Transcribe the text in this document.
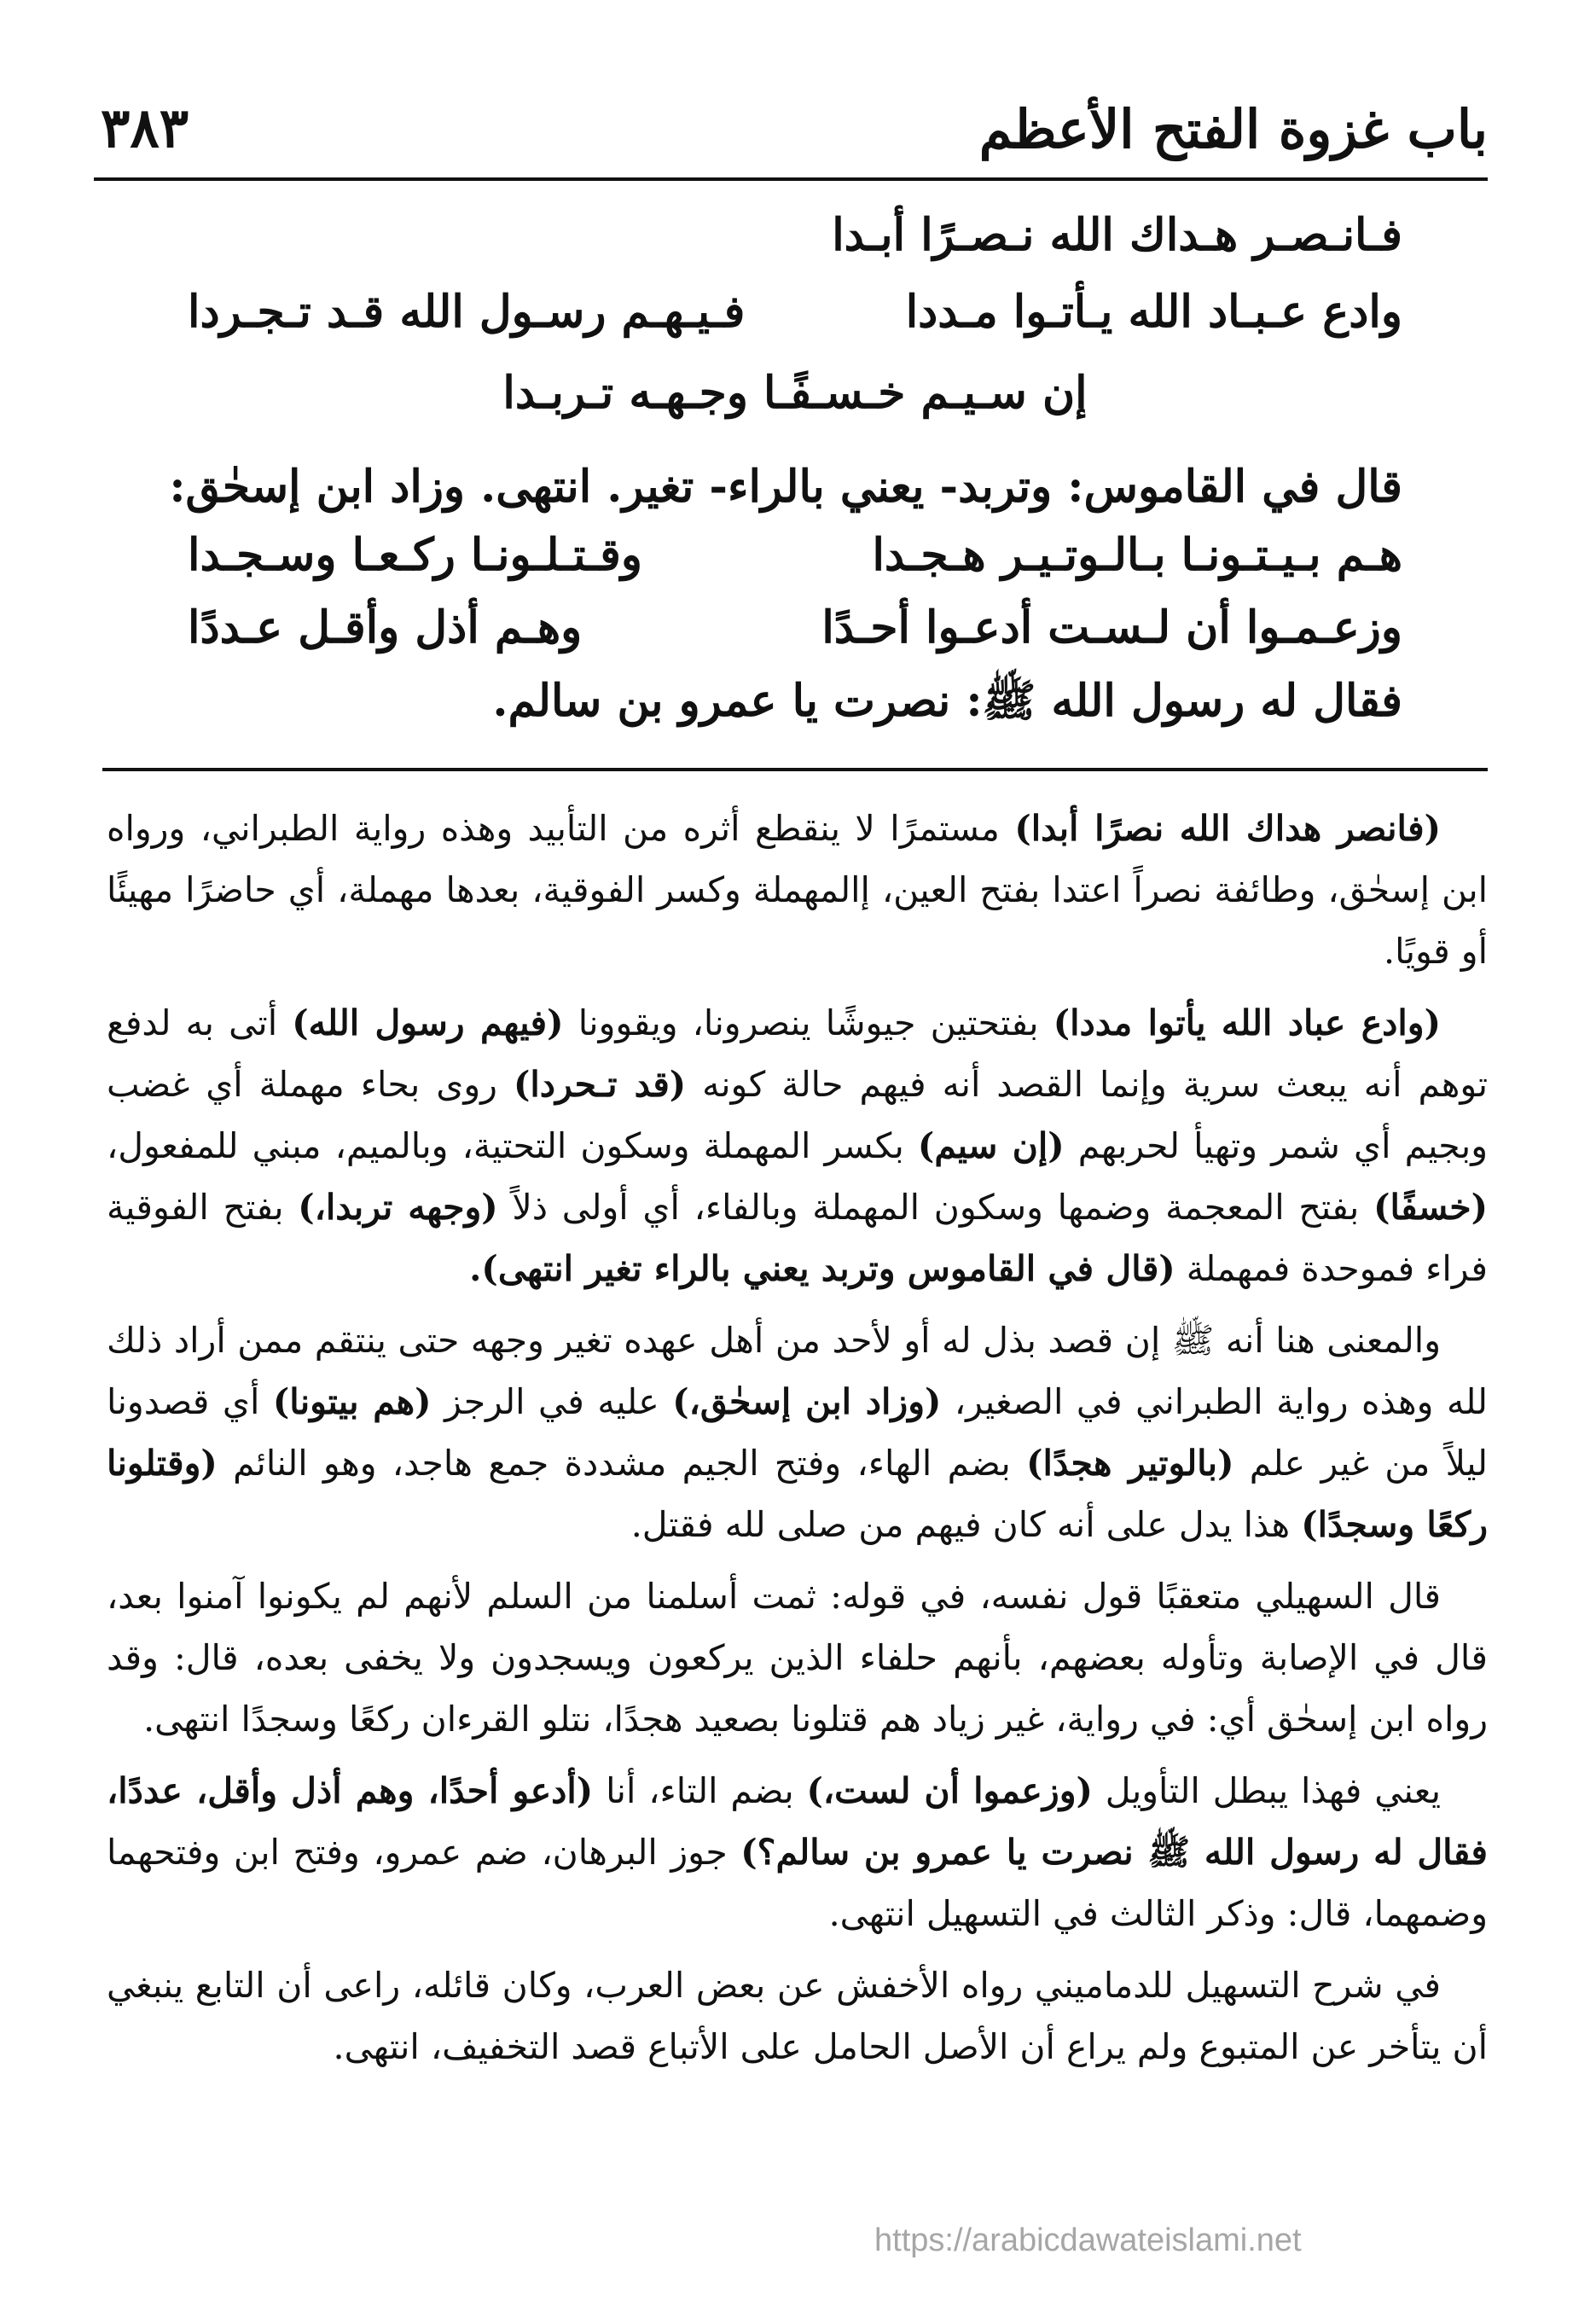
باب غزوة الفتح الأعظم
٣٨٣
فـانـصـر هـداك الله نـصـرًا أبـدا
وادع عـبـاد الله يـأتـوا مـددا
فـيـهـم رسـول الله قـد تـجـردا
إن سـيـم خـسـفًـا وجـهـه تـربـدا
قال في القاموس: وتربد- يعني بالراء- تغير. انتهى. وزاد ابن إسحٰق:
هـم بـيـتـونـا بـالـوتـيـر هـجـدا
وقـتـلـونـا ركـعـا وسـجـدا
وزعـمـوا أن لـسـت أدعـوا أحـدًا
وهـم أذل وأقـل عـددًا
فقال له رسول الله ﷺ: نصرت يا عمرو بن سالم.

(فانصر هداك الله نصرًا أبدا) مستمرًا لا ينقطع أثره من التأبيد وهذه رواية الطبراني، ورواه ابن إسحٰق، وطائفة نصراً اعتدا بفتح العين، إالمهملة وكسر الفوقية، بعدها مهملة، أي حاضرًا مهيئًا أو قويًا.

(وادع عباد الله يأتوا مددا) بفتحتين جيوشًا ينصرونا، ويقوونا (فيهم رسول الله) أتى به لدفع توهم أنه يبعث سرية وإنما القصد أنه فيهم حالة كونه (قد تـحردا) روى بحاء مهملة أي غضب وبجيم أي شمر وتهيأ لحربهم (إن سيم) بكسر المهملة وسكون التحتية، وبالميم، مبني للمفعول، (خسفًا) بفتح المعجمة وضمها وسكون المهملة وبالفاء، أي أولى ذلاً (وجهه تربدا،) بفتح الفوقية فراء فموحدة فمهملة (قال في القاموس وتربد يعني بالراء تغير انتهى).

والمعنى هنا أنه ﷺ إن قصد بذل له أو لأحد من أهل عهده تغير وجهه حتى ينتقم ممن أراد ذلك لله وهذه رواية الطبراني في الصغير، (وزاد ابن إسحٰق،) عليه في الرجز (هم بيتونا) أي قصدونا ليلاً من غير علم (بالوتير هجدًا) بضم الهاء، وفتح الجيم مشددة جمع هاجد، وهو النائم (وقتلونا ركعًا وسجدًا) هذا يدل على أنه كان فيهم من صلى لله فقتل.

قال السهيلي متعقبًا قول نفسه، في قوله: ثمت أسلمنا من السلم لأنهم لم يكونوا آمنوا بعد، قال في الإصابة وتأوله بعضهم، بأنهم حلفاء الذين يركعون ويسجدون ولا يخفى بعده، قال: وقد رواه ابن إسحٰق أي: في رواية، غير زياد هم قتلونا بصعيد هجدًا، نتلو القرءان ركعًا وسجدًا انتهى.

يعني فهذا يبطل التأويل (وزعموا أن لست،) بضم التاء، أنا (أدعو أحدًا، وهم أذل وأقل، عددًا، فقال له رسول الله ﷺ نصرت يا عمرو بن سالم؟) جوز البرهان، ضم عمرو، وفتح ابن وفتحهما وضمهما، قال: وذكر الثالث في التسهيل انتهى.

في شرح التسهيل للدماميني رواه الأخفش عن بعض العرب، وكان قائله، راعى أن التابع ينبغي أن يتأخر عن المتبوع ولم يراع أن الأصل الحامل على الأتباع قصد التخفيف، انتهى.

https://arabicdawateislami.net
